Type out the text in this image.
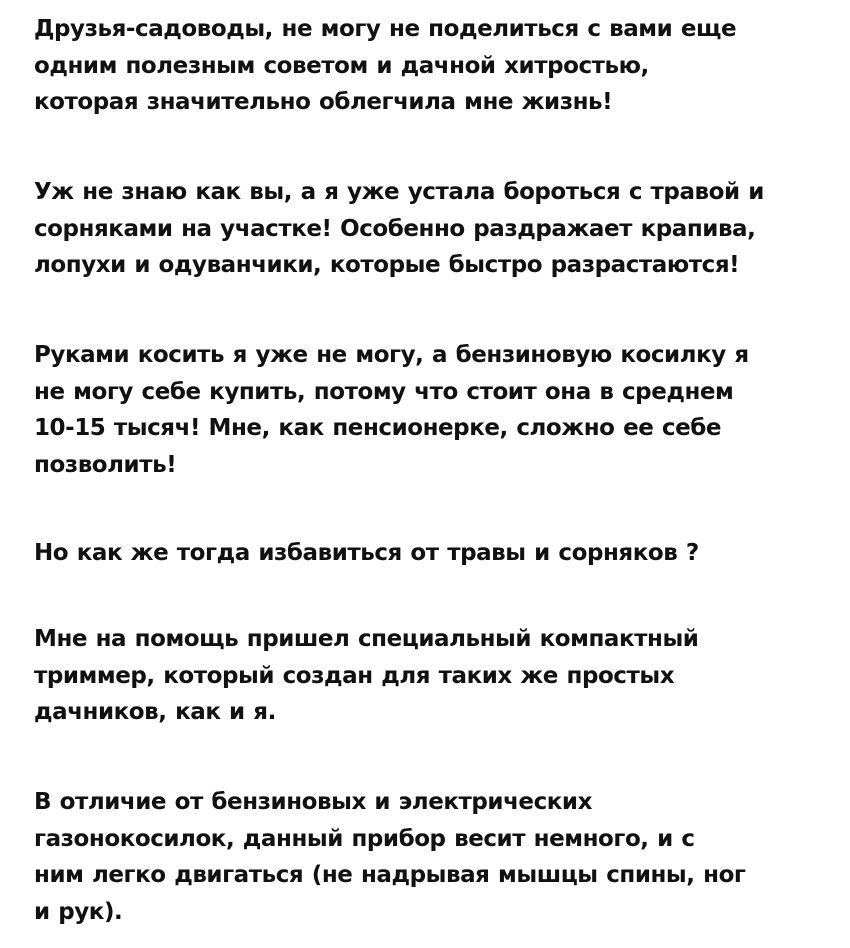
Друзья-садоводы, не могу не поделиться с вами еще
одним полезным советом и дачной хитростью,
которая значительно облегчила мне жизнь!

Уж не знаю как вы, а я уже устала бороться с травой и
сорняками на участке! Особенно раздражает крапива,
лопухи и одуванчики, которые быстро разрастаются!

Руками косить я уже не могу, а бензиновую косилку я
не могу себе купить, потому что стоит она в среднем
10-15 тысяч! Мне, как пенсионерке, сложно ее себе
позволить!

Но как же тогда избавиться от травы и сорняков ?

Мне на помощь пришел специальный компактный
триммер, который создан для таких же простых
дачников, как и я.

В отличие от бензиновых и электрических
газонокосилок, данный прибор весит немного, и с
ним легко двигаться (не надрывая мышцы спины, ног
и рук).
